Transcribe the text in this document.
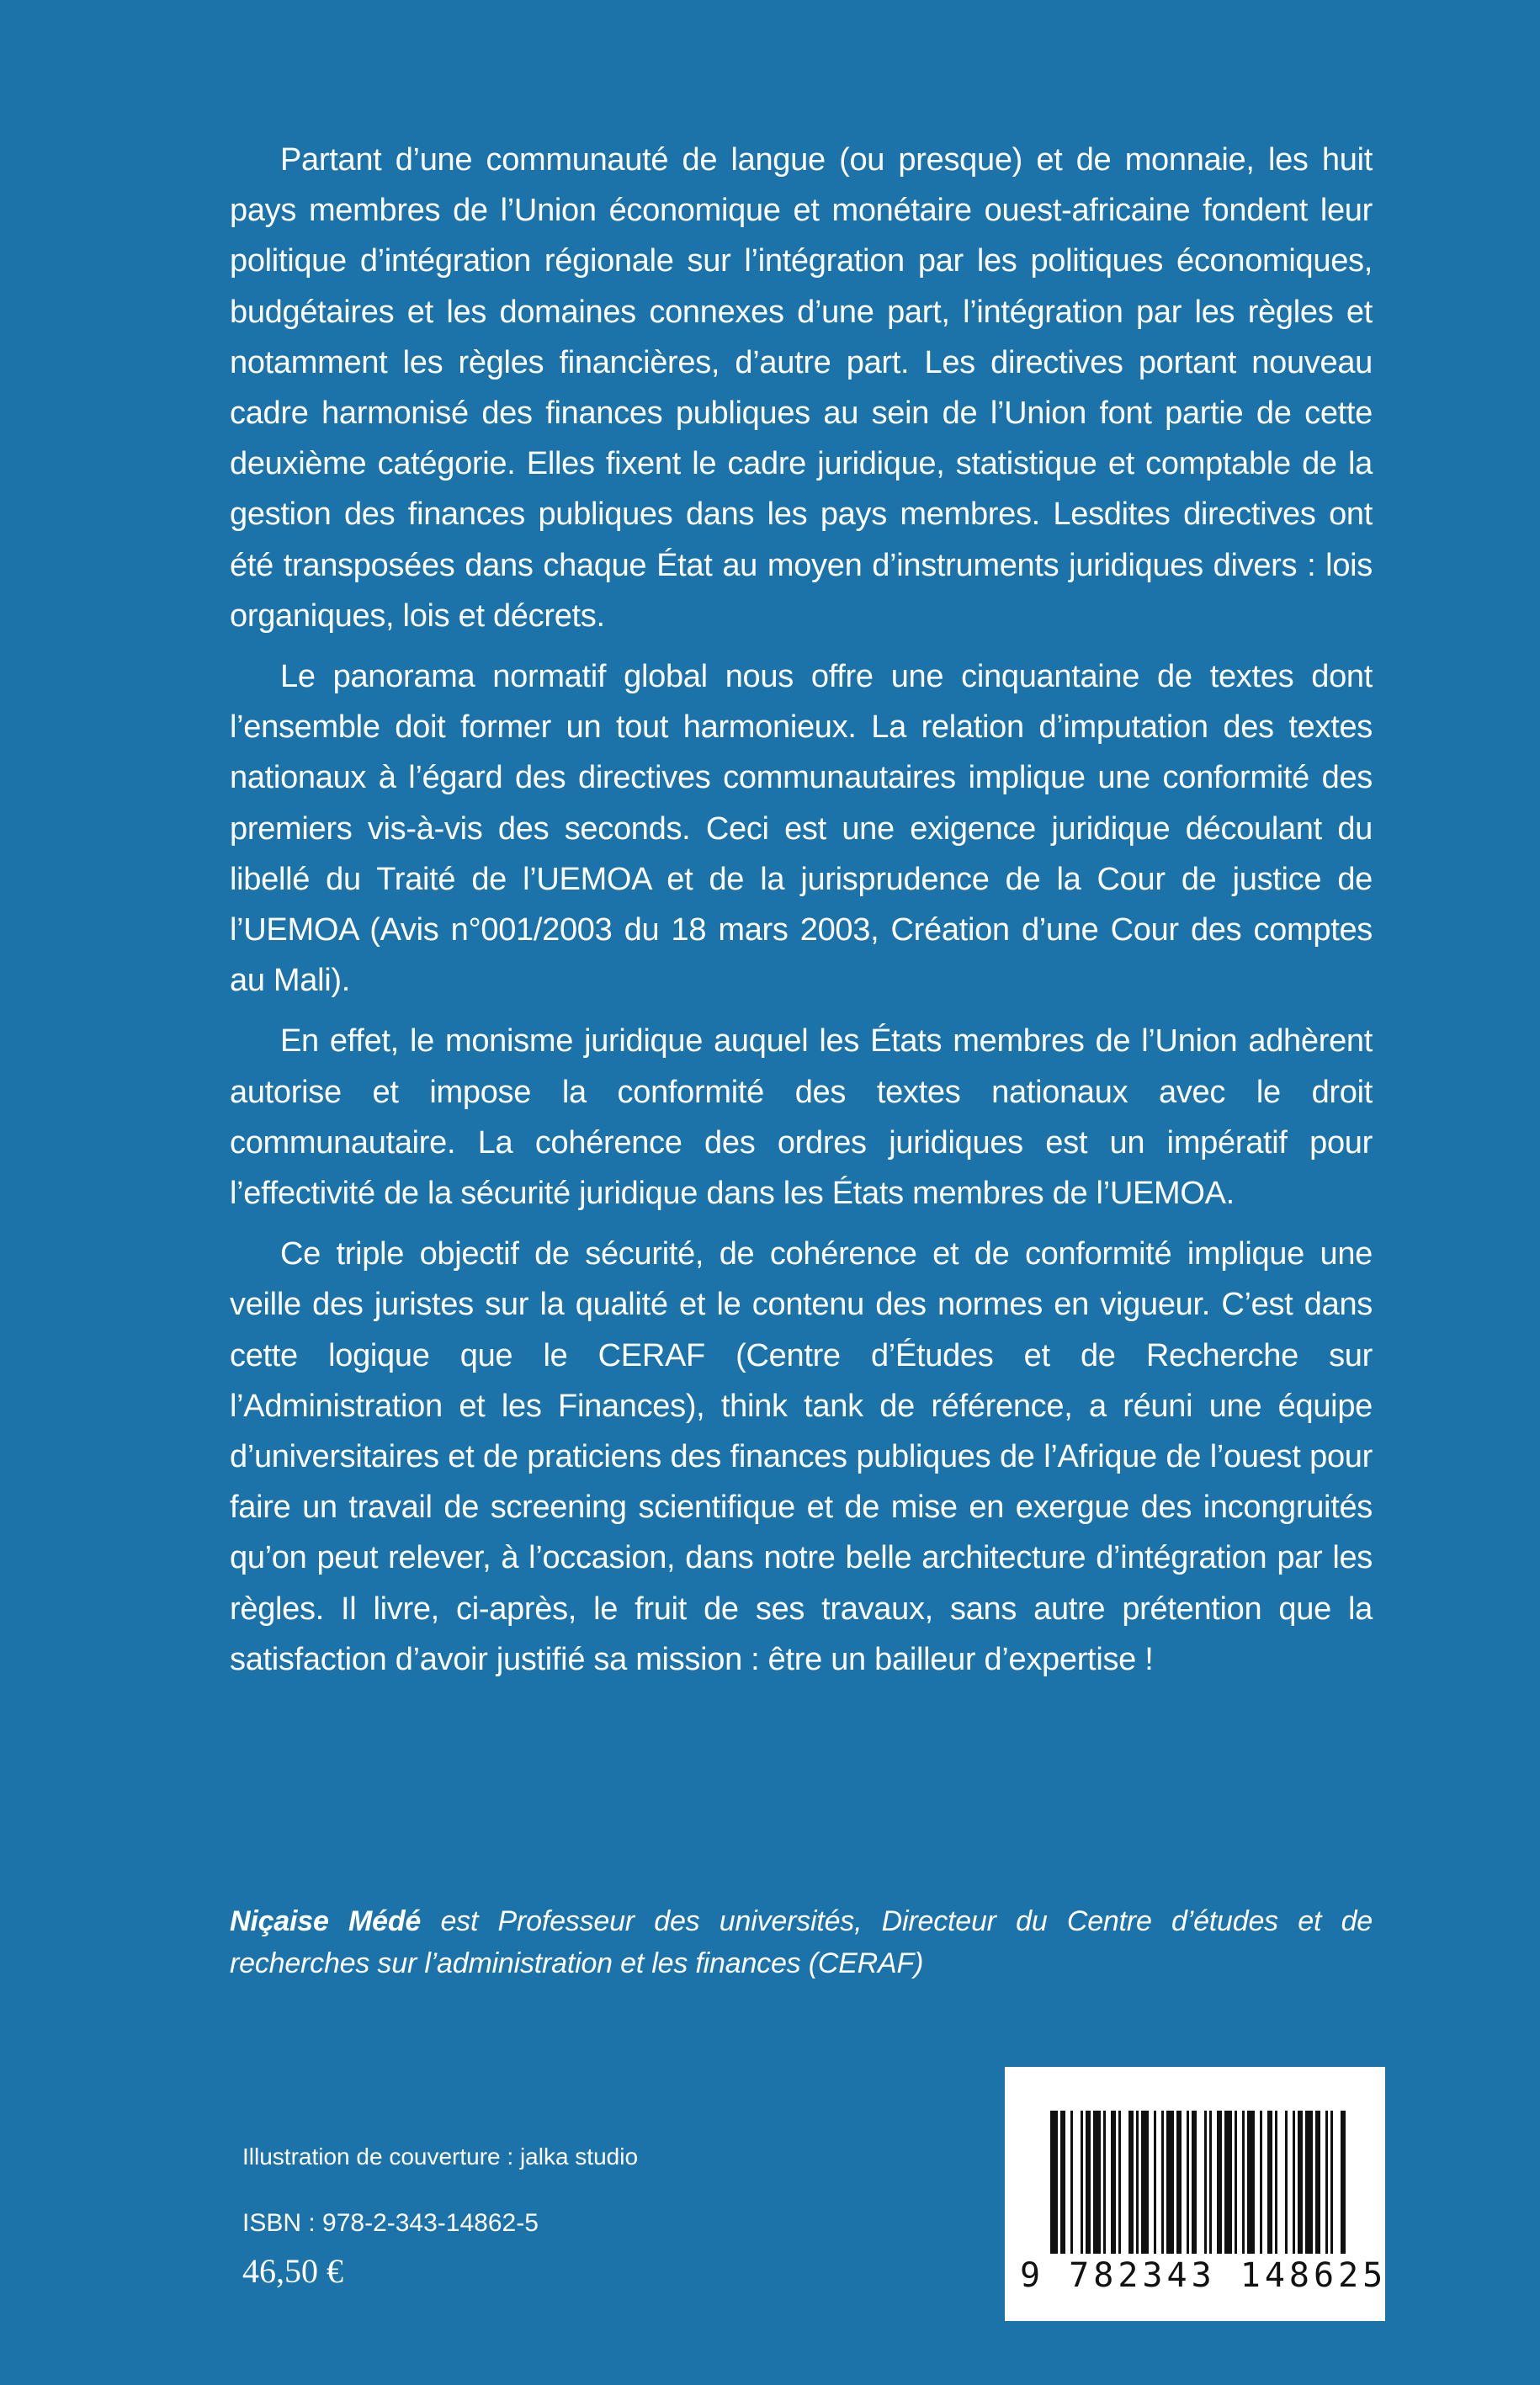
Partant d’une communauté de langue (ou presque) et de monnaie, les huit pays membres de l’Union économique et monétaire ouest-africaine fondent leur politique d’intégration régionale sur l’intégration par les politiques économiques, budgétaires et les domaines connexes d’une part, l’intégration par les règles et notamment les règles financières, d’autre part. Les directives portant nouveau cadre harmonisé des finances publiques au sein de l’Union font partie de cette deuxième catégorie. Elles fixent le cadre juridique, statistique et comptable de la gestion des finances publiques dans les pays membres. Lesdites directives ont été transposées dans chaque État au moyen d’instruments juridiques divers : lois organiques, lois et décrets.

Le panorama normatif global nous offre une cinquantaine de textes dont l’ensemble doit former un tout harmonieux. La relation d’imputation des textes nationaux à l’égard des directives communautaires implique une conformité des premiers vis-à-vis des seconds. Ceci est une exigence juridique découlant du libellé du Traité de l’UEMOA et de la jurisprudence de la Cour de justice de l’UEMOA (Avis n°001/2003 du 18 mars 2003, Création d’une Cour des comptes au Mali).

En effet, le monisme juridique auquel les États membres de l’Union adhèrent autorise et impose la conformité des textes nationaux avec le droit communautaire. La cohérence des ordres juridiques est un impératif pour l’effectivité de la sécurité juridique dans les États membres de l’UEMOA.

Ce triple objectif de sécurité, de cohérence et de conformité implique une veille des juristes sur la qualité et le contenu des normes en vigueur. C’est dans cette logique que le CERAF (Centre d’Études et de Recherche sur l’Administration et les Finances), think tank de référence, a réuni une équipe d’universitaires et de praticiens des finances publiques de l’Afrique de l’ouest pour faire un travail de screening scientifique et de mise en exergue des incongruités qu’on peut relever, à l’occasion, dans notre belle architecture d’intégration par les règles. Il livre, ci-après, le fruit de ses travaux, sans autre prétention que la satisfaction d’avoir justifié sa mission : être un bailleur d’expertise !

Niçaise Médé est Professeur des universités, Directeur du Centre d’études et de recherches sur l’administration et les finances (CERAF)
Illustration de couverture : jalka studio
ISBN : 978-2-343-14862-5
46,50 €	9 782343 148625
